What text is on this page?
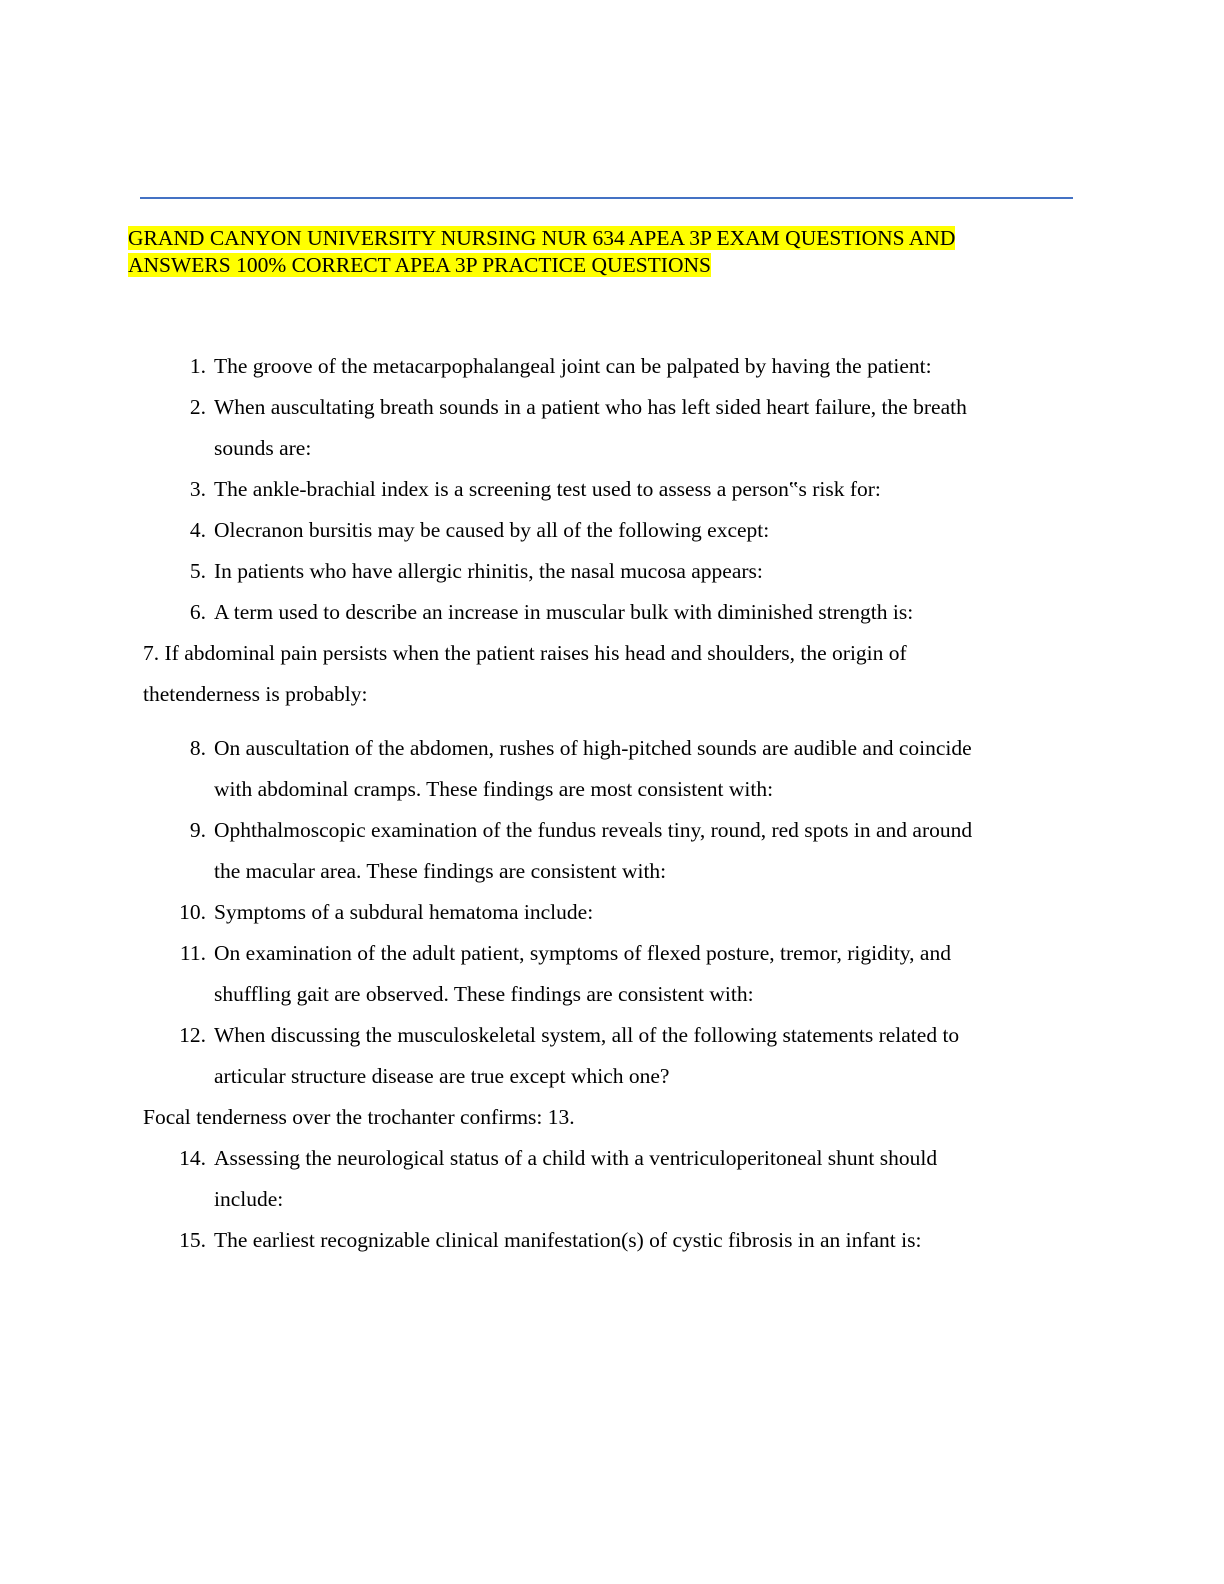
GRAND CANYON UNIVERSITY NURSING NUR 634 APEA 3P EXAM QUESTIONS AND
ANSWERS 100% CORRECT APEA 3P PRACTICE QUESTIONS
1. The groove of the metacarpophalangeal joint can be palpated by having the patient:
2. When auscultating breath sounds in a patient who has left sided heart failure, the breath
sounds are:
3. The ankle-brachial index is a screening test used to assess a person‟s risk for:
4. Olecranon bursitis may be caused by all of the following except:
5. In patients who have allergic rhinitis, the nasal mucosa appears:
6. A term used to describe an increase in muscular bulk with diminished strength is:
8. On auscultation of the abdomen, rushes of high-pitched sounds are audible and coincide
with abdominal cramps. These findings are most consistent with:
9. Ophthalmoscopic examination of the fundus reveals tiny, round, red spots in and around
the macular area. These findings are consistent with:
10. Symptoms of a subdural hematoma include:
11. On examination of the adult patient, symptoms of flexed posture, tremor, rigidity, and
shuffling gait are observed. These findings are consistent with:
12. When discussing the musculoskeletal system, all of the following statements related to
articular structure disease are true except which one?
14. Assessing the neurological status of a child with a ventriculoperitoneal shunt should
include:
15. The earliest recognizable clinical manifestation(s) of cystic fibrosis in an infant is:
7. If abdominal pain persists when the patient raises his head and shoulders, the origin of
thetenderness is probably:
Focal tenderness over the trochanter confirms: 13.
